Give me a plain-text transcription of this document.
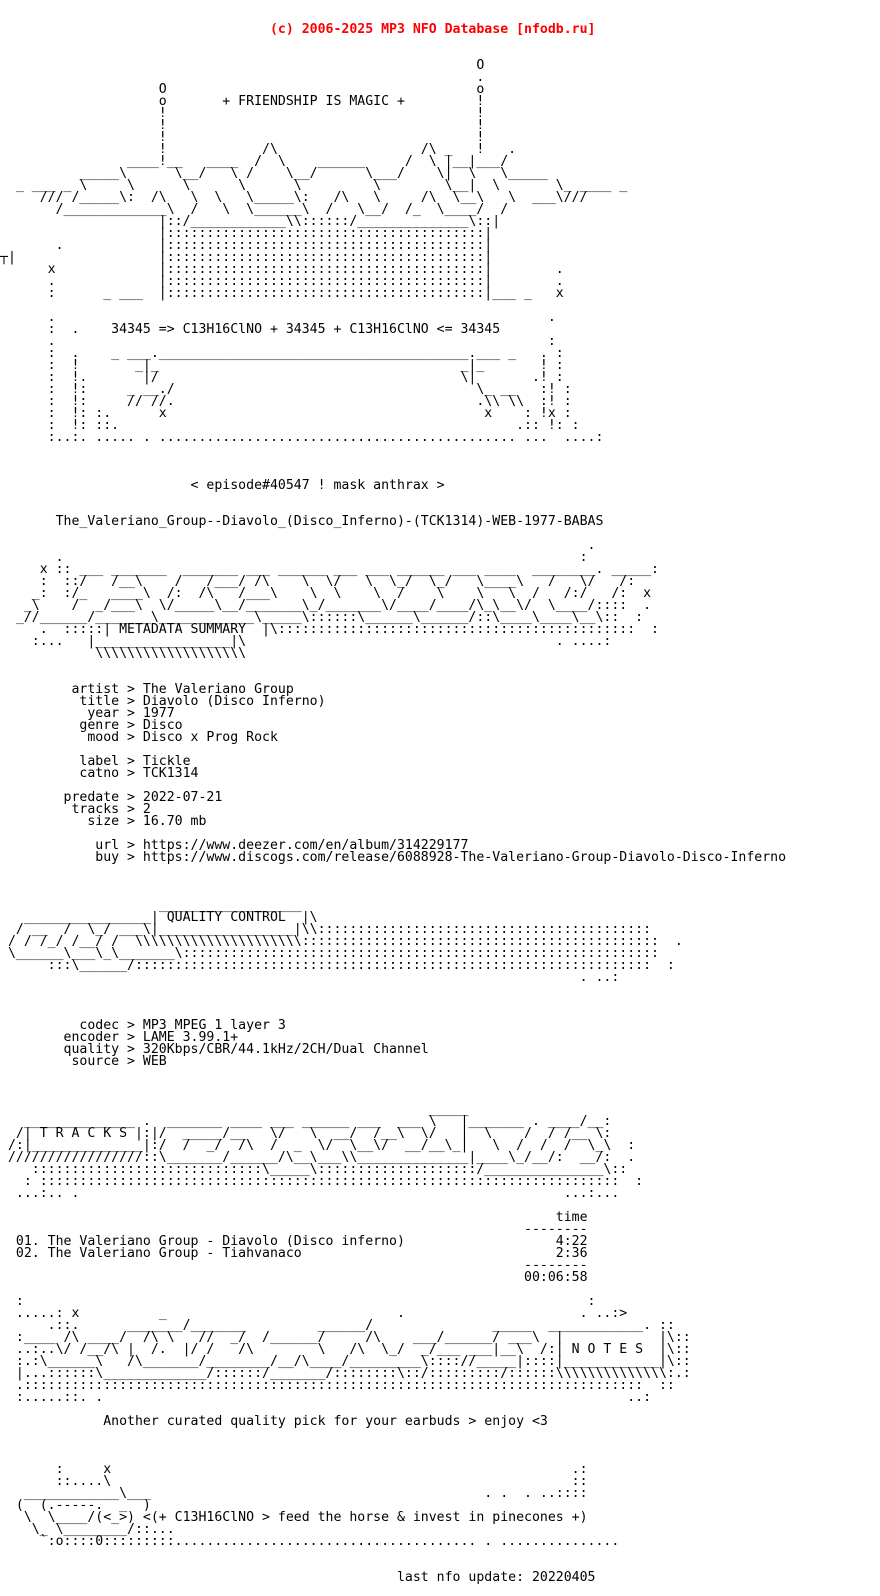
(c) 2006-2025 MP3 NFO Database [nfodb.ru]

O
.
O                                       o
o       + FRIENDSHIP IS MAGIC +         !
!                                       !
!                                       !
!                                       !
!            /\                  /\ _   !   .
____!__   ____  /  \    ______     /  \ |__|___/
_____\      \__/   \ /    \__/      \___/    \|  \   \_____
_ ___ _ \     \      \      \      \         \        \__|  \       \_ ____ _
/// /_____\:  /\   \  \   \_____\:   /\   \     /\  \__\   \  ___\///
/_____________\  /   \  \______\  /   \__/  /_  \____/  /
|::/____________\\::::::/______________\::|
|::::::::::::::::::::::::::::::::::::::::|
.            |::::::::::::::::::::::::::::::::::::::::|
┬|                  |::::::::::::::::::::::::::::::::::::::::|
x             |::::::::::::::::::::::::::::::::::::::::|        .
.             |::::::::::::::::::::::::::::::::::::::::|        .
:      _ ___  |::::::::::::::::::::::::::::::::::::::::|___ _   x

.                                                              .
:  .    34345 => C13H16ClNO + 34345 + C13H16ClNO <= 34345
.                                                              :
:  .    _ ___._______________________________________.___ _   . :
:  !       _|_                                      _|_       ! :
:  !.       |/                                      \|       .! :
:  !:     _ __./                                      \_ __   :! :
:  !:     // //.                                      .\\ \\  :! :
:  !: :.      x                                        x    : !x :
:  !: ::.                                                  .:: !: :
:..:. ..... . ............................................. ...  ....:

< episode#40547 ! mask anthrax >

The_Valeriano_Group--Diavolo_(Disco_Inferno)-(TCK1314)-WEB-1977-BABAS

.
.                                                                 :
x :: ___ _______  _______ ___ ______ ___ ___ ______ ___ ____  ________. _____:
:  ::/   /__\    /   /___/ /\    \  \/   \  \_/  \_/   \____\   /   \/   /:
_:  :/_   ____\  /:  /\   /___\    \  \    \  /    \    \   \  /   /:/   /:  x
_\    /  _/___\  \/_____\__/_______\_/_______\/____/____/\_\__\/  \____/::::  .
_//______/_______\____________\_____\::::::\______\______/::\____\____\__\::  :
.  :::::| METADATA SUMMARY  |\:::::::::::::::::::::::::::::::::::::::::::::  :
:...   |_________________|\                                       . ....:
\\\\\\\\\\\\\\\\\\\

artist > The Valeriano Group
title > Diavolo (Disco Inferno)
year > 1977
genre > Disco
mood > Disco x Prog Rock

label > Tickle
catno > TCK1314

predate > 2022-07-21
tracks > 2
size > 16.70 mb

url > https://www.deezer.com/en/album/314229177
buy > https://www.discogs.com/release/6088928-The-Valeriano-Group-Diavolo-Disco-Inferno

__________________
________________| QUALITY CONTROL  |\
/ __  /  \_/ ___\|_________________|\\::::::::::::::::::::::::::::::::::::::::::
/ / /_/ /__/ /  \\\\\\\\\\\\\\\\\\\\\:::::::::::::::::::::::::::::::::::::::::::::  .
\______\___\_\_______\::::::::::::::::::::::::::::::::::::::::::::::::::::::::::::
:::\______/:::::::::::::::::::::::::::::::::::::::::::::::::::::::::::::::::  :
. ..:

codec > MP3 MPEG 1 layer 3
encoder > LAME 3.99.1+
quality > 320Kbps/CBR/44.1kHz/2CH/Dual Channel
source > WEB

_____
______________ .  _______ ____ ___ ______ ___  ___ \   |_______ . ____/__:
/| T R A C K S |:|/  _____/__   \/   \  __/  /__\  \/   |  \    /  / /__ \:
/:|______________|:/  /  _/  /\  /  _  \/  \__\/  __/__\_|   \  /  /  /  \_\  :
/////////////////::\_______/______/\__\___\\______________|____\_/__/:  __/:  .
:::::::::::::::::::::::::::::\_____\::::::::::::::::::::/_______________\::
: :::::::::::::::::::::::::::::::::::::::::::::::::::::::::::::::::::::::::  :
...:.. .                                                             ...:...

time
--------
01. The Valeriano Group - Diavolo (Disco inferno)                   4:22
02. The Valeriano Group - Tiahvanaco                                2:36
--------
00:06:58

:                                                                       :
.....: x          _                             .                      . ..:>
.::.      _______/_______         ______/               _____  ____________. ::
:____ /\ ____/  /\ \   //  _/  /______/     /\    ___/______/ ___\  |            |\::
..:..\/ /__/\ |  /.  |/ /   /\        \   /\  \_/  _/___ ___|__\  /:| N O T E S  |\::
:.:\______\   /\_______/________/__/\____/_________\:::://_____|::::|____________|\::
|...::::::\_____________/::::::/_______/::::::::\::/:::::::::/::::::\\\\\\\\\\\\\\:.:
.::::::::::::::::::::::::::::::::::::::::::::::::::::::::::::::::::::::::::::::  ::
:.....::. .                                                                  ..:

Another curated quality pick for your earbuds > enjoy <3

:     x                                                          .:
::....\                                                          ::
____________\___                                          . .  . ..::::
(  (.-----.  _  )
\  \____/(<_>) <(+ C13H16ClNO > feed the horse & invest in pinecones +)
\_ \________/::...
`:o::::0:::::::::...................................... . ...............

last nfo update: 20220405
